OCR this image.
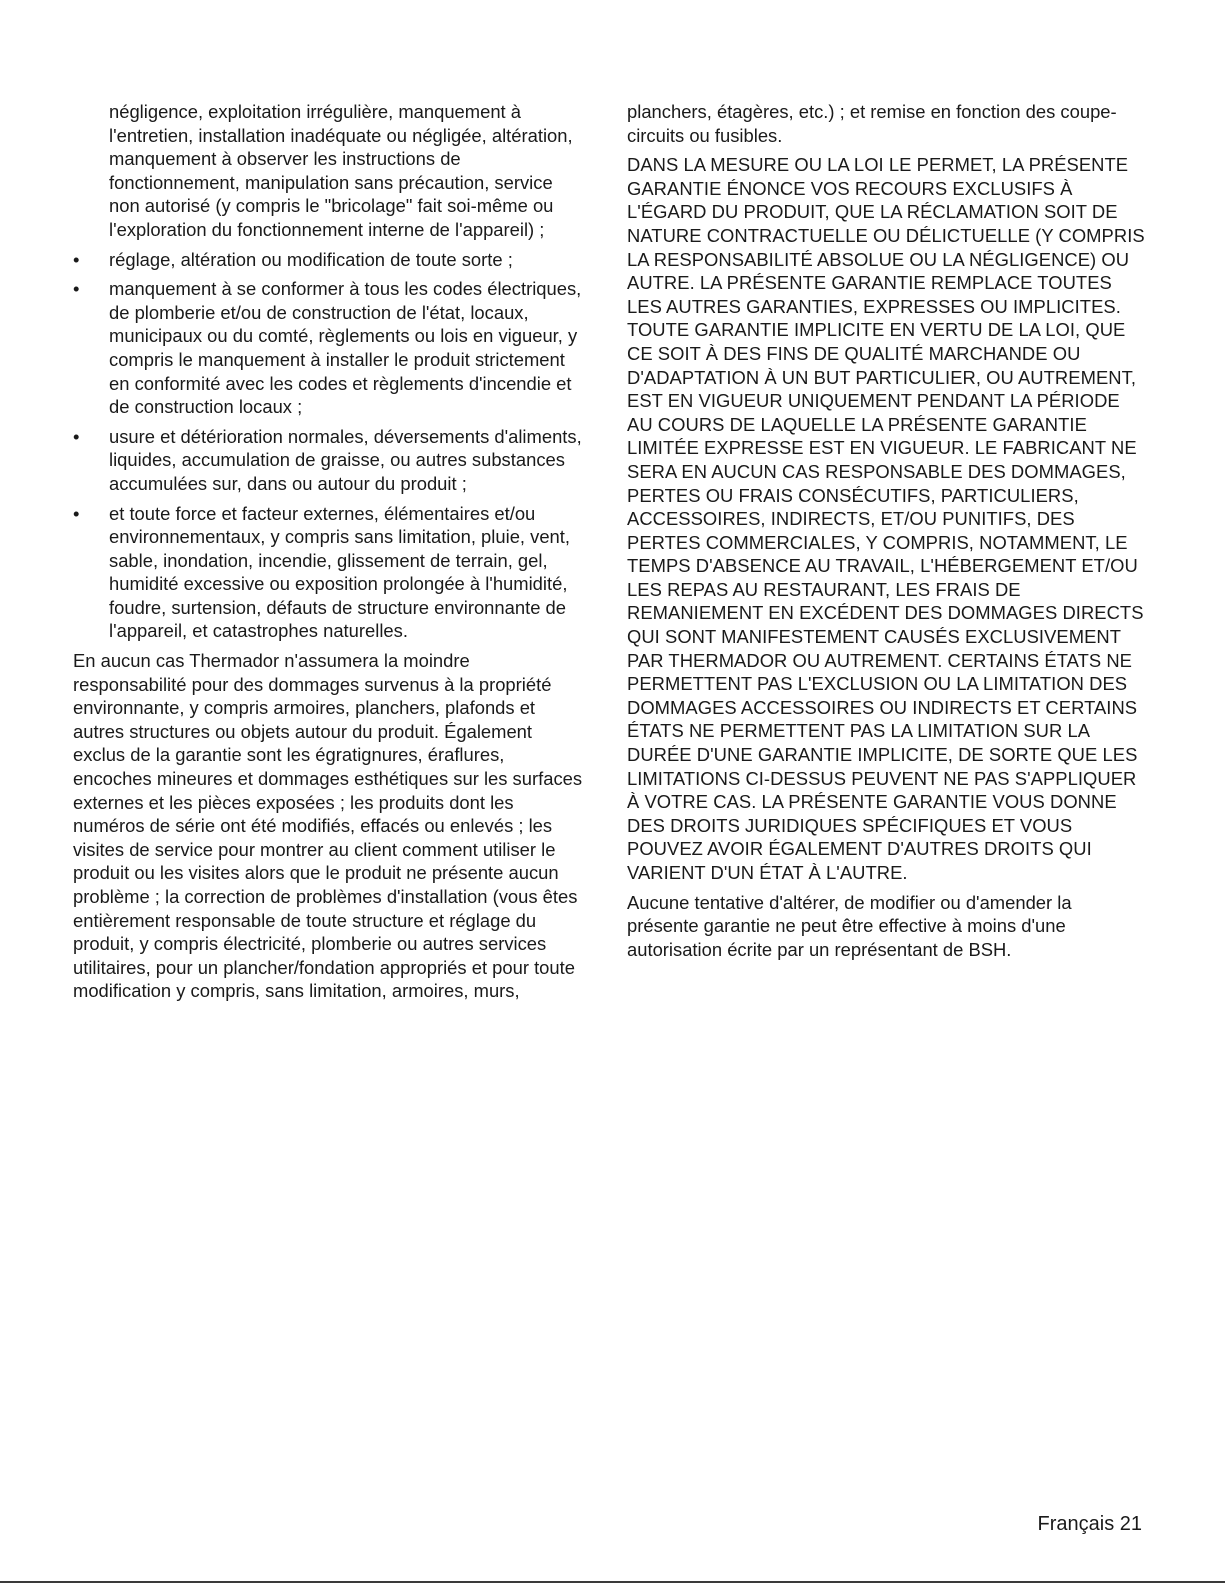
négligence, exploitation irrégulière, manquement à l'entretien, installation inadéquate ou négligée, altération, manquement à observer les instructions de fonctionnement, manipulation sans précaution, service non autorisé (y compris le "bricolage" fait soi-même ou l'exploration du fonctionnement interne de l'appareil) ;

•	réglage, altération ou modification de toute sorte ;
•	manquement à se conformer à tous les codes électriques, de plomberie et/ou de construction de l'état, locaux, municipaux ou du comté, règlements ou lois en vigueur, y compris le manquement à installer le produit strictement en conformité avec les codes et règlements d'incendie et de construction locaux ;
•	usure et détérioration normales, déversements d'aliments, liquides, accumulation de graisse, ou autres substances accumulées sur, dans ou autour du produit ;
•	et toute force et facteur externes, élémentaires et/ou environnementaux, y compris sans limitation, pluie, vent, sable, inondation, incendie, glissement de terrain, gel, humidité excessive ou exposition prolongée à l'humidité, foudre, surtension, défauts de structure environnante de l'appareil, et catastrophes naturelles.

En aucun cas Thermador n'assumera la moindre responsabilité pour des dommages survenus à la propriété environnante, y compris armoires, planchers, plafonds et autres structures ou objets autour du produit. Également exclus de la garantie sont les égratignures, éraflures, encoches mineures et dommages esthétiques sur les surfaces externes et les pièces exposées ; les produits dont les numéros de série ont été modifiés, effacés ou enlevés ; les visites de service pour montrer au client comment utiliser le produit ou les visites alors que le produit ne présente aucun problème ; la correction de problèmes d'installation (vous êtes entièrement responsable de toute structure et réglage du produit, y compris électricité, plomberie ou autres services utilitaires, pour un plancher/fondation appropriés et pour toute modification y compris, sans limitation, armoires, murs,

planchers, étagères, etc.) ; et remise en fonction des coupe-circuits ou fusibles.

DANS LA MESURE OU LA LOI LE PERMET, LA PRÉSENTE GARANTIE ÉNONCE VOS RECOURS EXCLUSIFS À L'ÉGARD DU PRODUIT, QUE LA RÉCLAMATION SOIT DE NATURE CONTRACTUELLE OU DÉLICTUELLE (Y COMPRIS LA RESPONSABILITÉ ABSOLUE OU LA NÉGLIGENCE) OU AUTRE. LA PRÉSENTE GARANTIE REMPLACE TOUTES LES AUTRES GARANTIES, EXPRESSES OU IMPLICITES. TOUTE GARANTIE IMPLICITE EN VERTU DE LA LOI, QUE CE SOIT À DES FINS DE QUALITÉ MARCHANDE OU D'ADAPTATION À UN BUT PARTICULIER, OU AUTREMENT, EST EN VIGUEUR UNIQUEMENT PENDANT LA PÉRIODE AU COURS DE LAQUELLE LA PRÉSENTE GARANTIE LIMITÉE EXPRESSE EST EN VIGUEUR. LE FABRICANT NE SERA EN AUCUN CAS RESPONSABLE DES DOMMAGES, PERTES OU FRAIS CONSÉCUTIFS, PARTICULIERS, ACCESSOIRES, INDIRECTS, ET/OU PUNITIFS, DES PERTES COMMERCIALES, Y COMPRIS, NOTAMMENT, LE TEMPS D'ABSENCE AU TRAVAIL, L'HÉBERGEMENT ET/OU LES REPAS AU RESTAURANT, LES FRAIS DE REMANIEMENT EN EXCÉDENT DES DOMMAGES DIRECTS QUI SONT MANIFESTEMENT CAUSÉS EXCLUSIVEMENT PAR THERMADOR OU AUTREMENT. CERTAINS ÉTATS NE PERMETTENT PAS L'EXCLUSION OU LA LIMITATION DES DOMMAGES ACCESSOIRES OU INDIRECTS ET CERTAINS ÉTATS NE PERMETTENT PAS LA LIMITATION SUR LA DURÉE D'UNE GARANTIE IMPLICITE, DE SORTE QUE LES LIMITATIONS CI-DESSUS PEUVENT NE PAS S'APPLIQUER À VOTRE CAS. LA PRÉSENTE GARANTIE VOUS DONNE DES DROITS JURIDIQUES SPÉCIFIQUES ET VOUS POUVEZ AVOIR ÉGALEMENT D'AUTRES DROITS QUI VARIENT D'UN ÉTAT À L'AUTRE.

Aucune tentative d'altérer, de modifier ou d'amender la présente garantie ne peut être effective à moins d'une autorisation écrite par un représentant de BSH.

Français 21
